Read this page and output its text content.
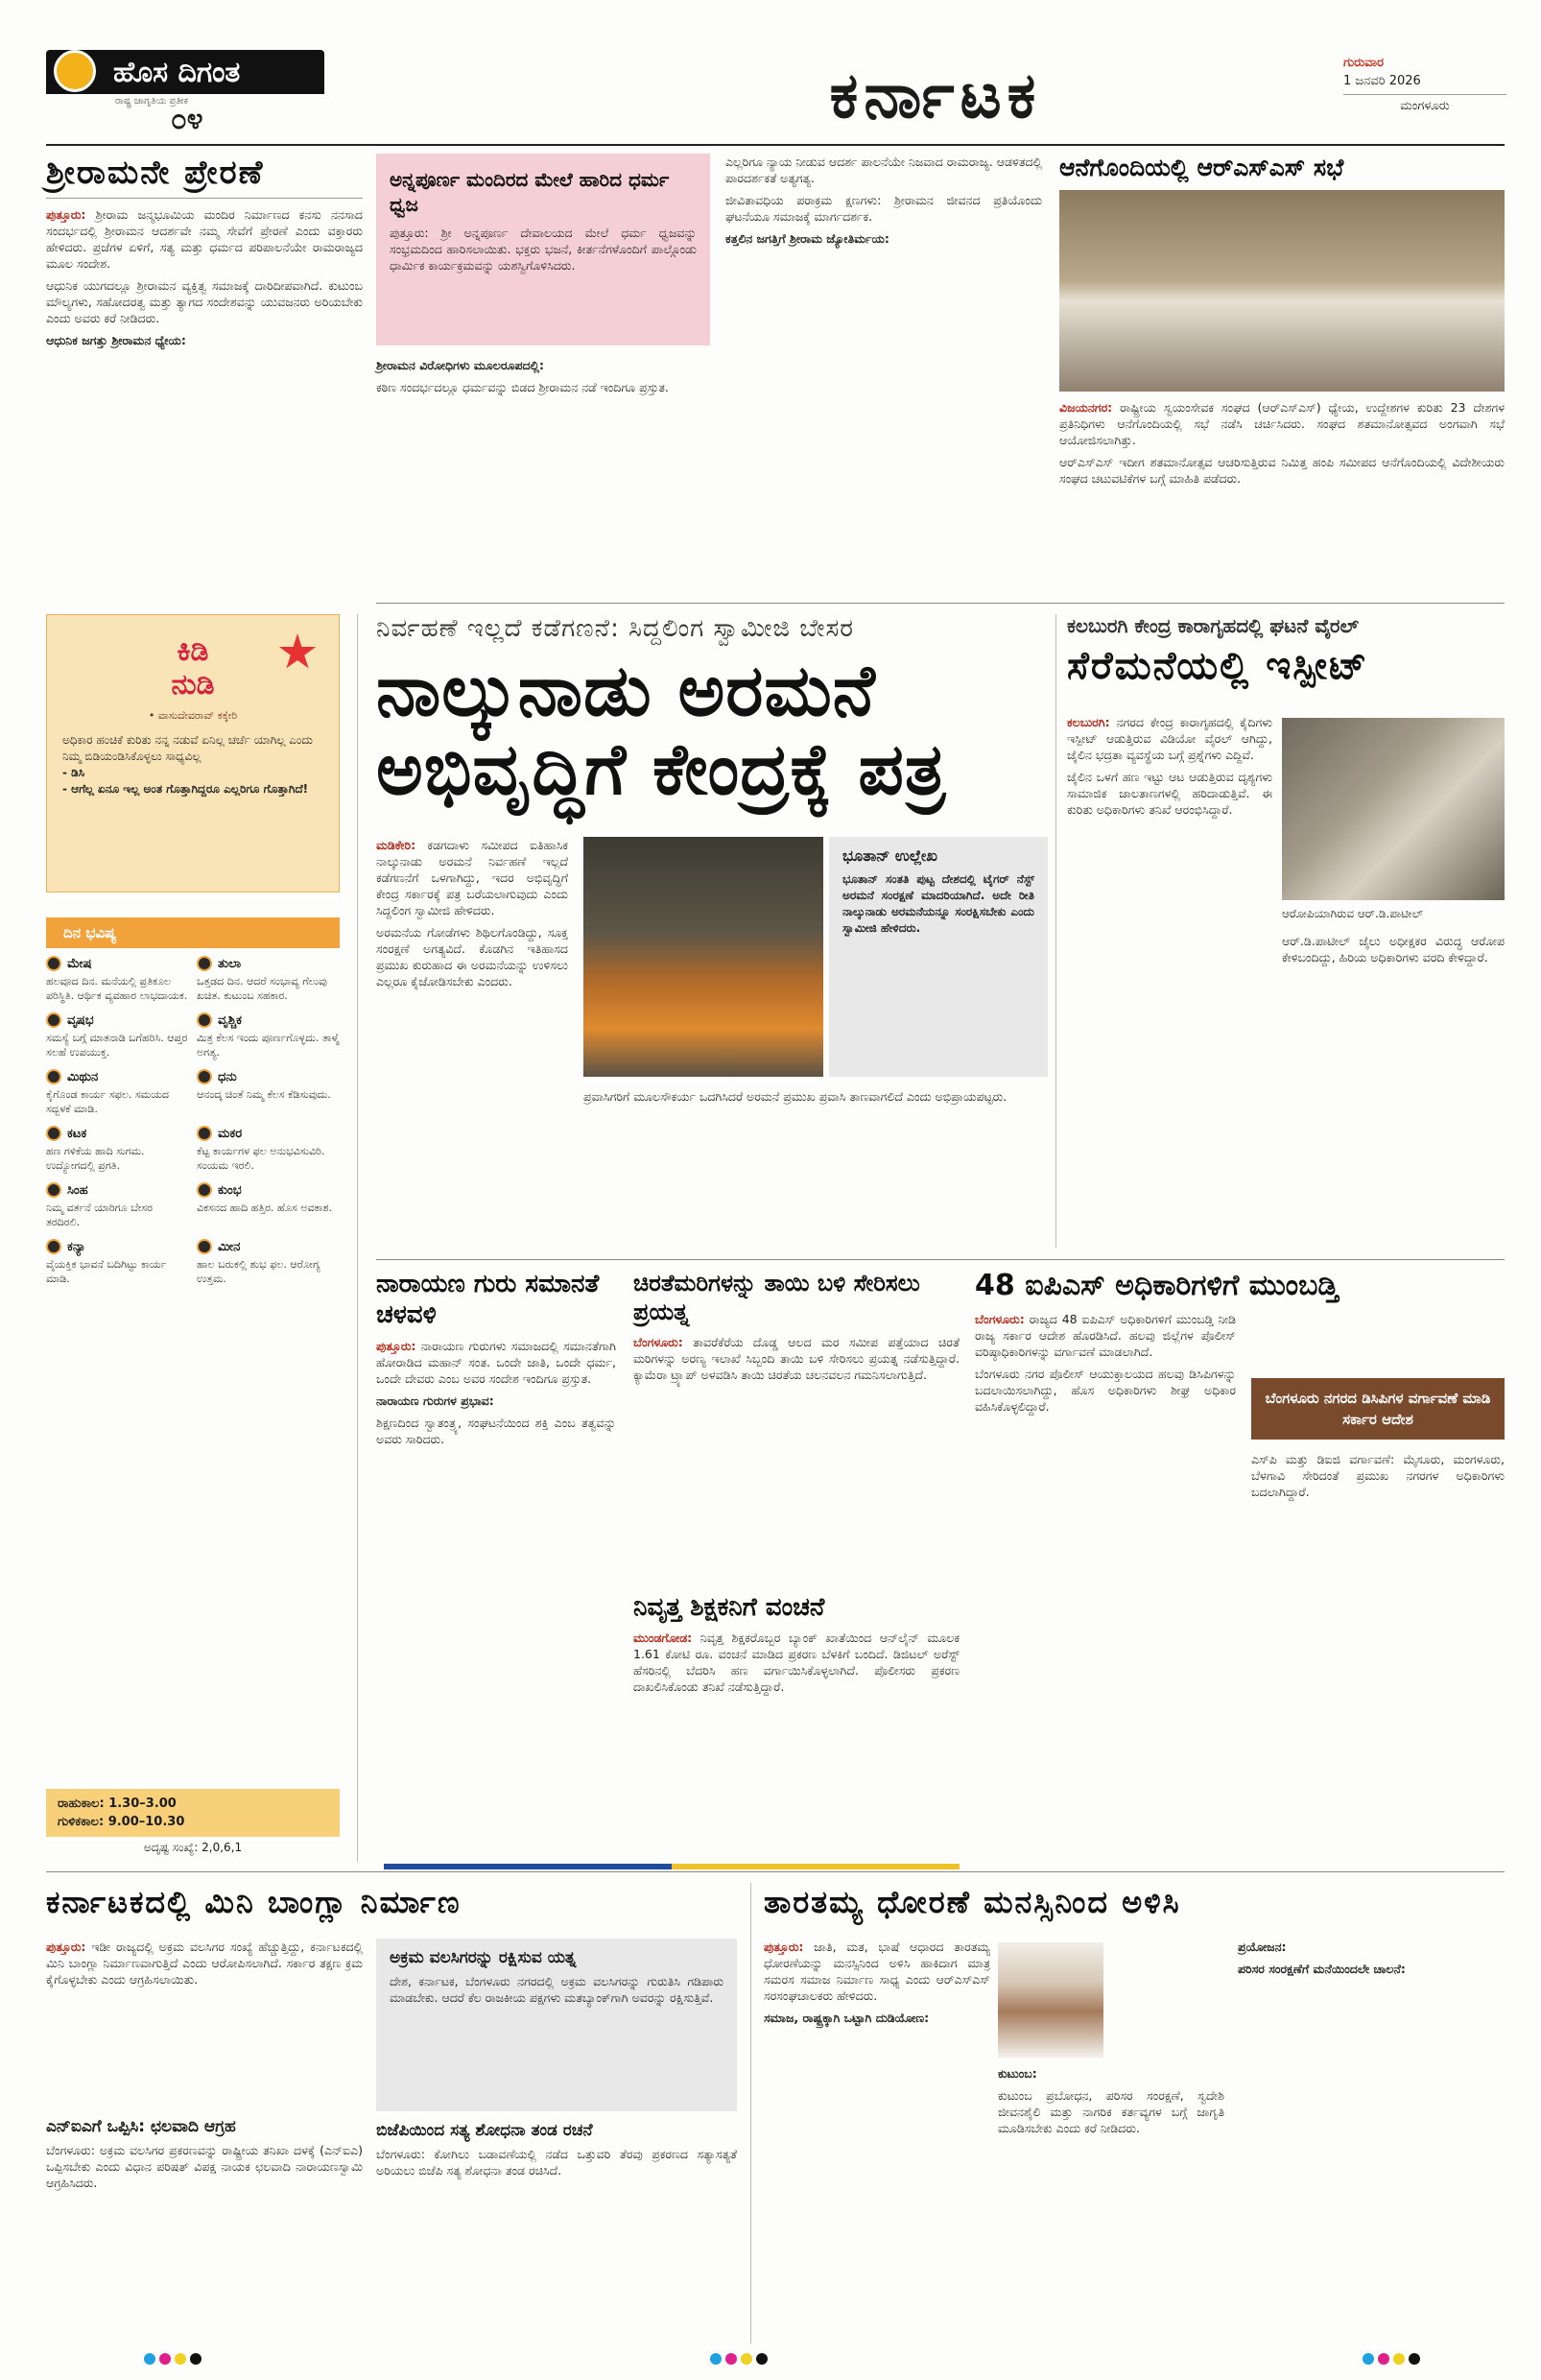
ಹೊಸ ದಿಗಂತ
ರಾಷ್ಟ್ರ ಜಾಗೃತಿಯ ಪ್ರತೀಕ
೦೪	ಕರ್ನಾಟಕ	ಗುರುವಾರ
1 ಜನವರಿ 2026
ಮಂಗಳೂರು
ಶ್ರೀರಾಮನೇ ಪ್ರೇರಣೆ

ಪುತ್ತೂರು: ಶ್ರೀರಾಮ ಜನ್ಮಭೂಮಿಯ ಮಂದಿರ ನಿರ್ಮಾಣದ ಕನಸು ನನಸಾದ ಸಂದರ್ಭದಲ್ಲಿ ಶ್ರೀರಾಮನ ಆದರ್ಶವೇ ನಮ್ಮ ಸೇವೆಗೆ ಪ್ರೇರಣೆ ಎಂದು ವಕ್ತಾರರು ಹೇಳಿದರು. ಪ್ರಜೆಗಳ ಏಳಿಗೆ, ಸತ್ಯ ಮತ್ತು ಧರ್ಮದ ಪರಿಪಾಲನೆಯೇ ರಾಮರಾಜ್ಯದ ಮೂಲ ಸಂದೇಶ.

ಆಧುನಿಕ ಯುಗದಲ್ಲೂ ಶ್ರೀರಾಮನ ವ್ಯಕ್ತಿತ್ವ ಸಮಾಜಕ್ಕೆ ದಾರಿದೀಪವಾಗಿದೆ. ಕುಟುಂಬ ಮೌಲ್ಯಗಳು, ಸಹೋದರತ್ವ ಮತ್ತು ತ್ಯಾಗದ ಸಂದೇಶವನ್ನು ಯುವಜನರು ಅರಿಯಬೇಕು ಎಂದು ಅವರು ಕರೆ ನೀಡಿದರು.

ಆಧುನಿಕ ಜಗತ್ತು ಶ್ರೀರಾಮನ ಧ್ಯೇಯ:

ಅನ್ನಪೂರ್ಣ ಮಂದಿರದ ಮೇಲೆ ಹಾರಿದ ಧರ್ಮ ಧ್ವಜ
ಪುತ್ತೂರು: ಶ್ರೀ ಅನ್ನಪೂರ್ಣ ದೇವಾಲಯದ ಮೇಲೆ ಧರ್ಮ ಧ್ವಜವನ್ನು ಸಂಭ್ರಮದಿಂದ ಹಾರಿಸಲಾಯಿತು. ಭಕ್ತರು ಭಜನೆ, ಕೀರ್ತನೆಗಳೊಂದಿಗೆ ಪಾಲ್ಗೊಂಡು ಧಾರ್ಮಿಕ ಕಾರ್ಯಕ್ರಮವನ್ನು ಯಶಸ್ವಿಗೊಳಿಸಿದರು.

ಶ್ರೀರಾಮನ ವಿರೋಧಿಗಳು ಮೂಲರೂಪದಲ್ಲಿ:

ಕಠಿಣ ಸಂದರ್ಭದಲ್ಲೂ ಧರ್ಮವನ್ನು ಬಿಡದ ಶ್ರೀರಾಮನ ನಡೆ ಇಂದಿಗೂ ಪ್ರಸ್ತುತ.

ಎಲ್ಲರಿಗೂ ನ್ಯಾಯ ನೀಡುವ ಆದರ್ಶ ಪಾಲನೆಯೇ ನಿಜವಾದ ರಾಮರಾಜ್ಯ. ಆಡಳಿತದಲ್ಲಿ ಪಾರದರ್ಶಕತೆ ಅತ್ಯಗತ್ಯ.

ಜೀವಿತಾವಧಿಯ ಪರಾಕ್ರಮ ಕ್ಷಣಗಳು: ಶ್ರೀರಾಮನ ಜೀವನದ ಪ್ರತಿಯೊಂದು ಘಟನೆಯೂ ಸಮಾಜಕ್ಕೆ ಮಾರ್ಗದರ್ಶಕ.

ಕತ್ತಲಿನ ಜಗತ್ತಿಗೆ ಶ್ರೀರಾಮ ಜ್ಯೋತಿರ್ಮಯ:

ಆನೆಗೊಂದಿಯಲ್ಲಿ ಆರ್‌ಎಸ್‌ಎಸ್ ಸಭೆ

ವಿಜಯನಗರ: ರಾಷ್ಟ್ರೀಯ ಸ್ವಯಂಸೇವಕ ಸಂಘದ (ಆರ್‌ಎಸ್‌ಎಸ್) ಧ್ಯೇಯ, ಉದ್ದೇಶಗಳ ಕುರಿತು 23 ದೇಶಗಳ ಪ್ರತಿನಿಧಿಗಳು ಆನೆಗೊಂದಿಯಲ್ಲಿ ಸಭೆ ನಡೆಸಿ ಚರ್ಚಿಸಿದರು. ಸಂಘದ ಶತಮಾನೋತ್ಸವದ ಅಂಗವಾಗಿ ಸಭೆ ಆಯೋಜಿಸಲಾಗಿತ್ತು.

ಆರ್‌ಎಸ್‌ಎಸ್ ಇದೀಗ ಶತಮಾನೋತ್ಸವ ಆಚರಿಸುತ್ತಿರುವ ನಿಮಿತ್ತ ಹಂಪಿ ಸಮೀಪದ ಆನೆಗೊಂದಿಯಲ್ಲಿ ವಿದೇಶೀಯರು ಸಂಘದ ಚಟುವಟಿಕೆಗಳ ಬಗ್ಗೆ ಮಾಹಿತಿ ಪಡೆದರು.

ಕಿಡಿ
ನುಡಿ
• ವಾಸುದೇವರಾವ್ ಕಕ್ಕೇರಿ

ಅಧಿಕಾರ ಹಂಚಿಕೆ ಕುರಿತು ನನ್ನ ನಡುವೆ ಏನಿಲ್ಲ ಚರ್ಚೆ ಯಾಗಿಲ್ಲ ಎಂದು ನಿಮ್ಮ ಬಿಡಿಯಂಡಿಸಿಕೊಳ್ಳಲು ಸಾಧ್ಯವಿಲ್ಲ

- ಡಿಸಿ

- ಆಗೆಲ್ಲ ಏನೂ ಇಲ್ಲ ಅಂತ ಗೊತ್ತಾಗಿದ್ದರೂ ಎಲ್ಲರಿಗೂ ಗೊತ್ತಾಗಿದೆ!

ದಿನ ಭವಿಷ್ಯ
ಮೇಷ
ಹಲವೂದ ದಿನ. ಮನೆಯಲ್ಲಿ ಪ್ರತಿಕೂಲ ಪರಿಸ್ಥಿತಿ. ಆರ್ಥಿಕ ವ್ಯವಹಾರ ಲಾಭದಾಯಕ.
ತುಲಾ
ಒತ್ತಡದ ದಿನ. ಆದರೆ ಸಂಭಾವ್ಯ ಗೆಲುವು ಖಚಿತ. ಕುಟುಂಬ ಸಹಕಾರ.
ವೃಷಭ
ಸಮಸ್ಯೆ ಬಗ್ಗೆ ಮಾತನಾಡಿ ಬಗೆಹರಿಸಿ. ಆಪ್ತರ ಸಲಹೆ ಉಪಯುಕ್ತ.
ವೃಶ್ಚಿಕ
ಮಿತ್ರ ಕೆಲಸ ಇಂದು ಪೂರ್ಣಗೊಳ್ಳದು. ತಾಳ್ಮೆ ಅಗತ್ಯ.
ಮಿಥುನ
ಕೈಗೊಂಡ ಕಾರ್ಯ ಸಫಲ. ಸಮಯದ ಸದ್ಬಳಕೆ ಮಾಡಿ.
ಧನು
ಆನಂದ್ಕ ಚಿಂತೆ ನಿಮ್ಮ ಕೆಲಸ ಕೆಡಿಸುವುದು.
ಕಟಕ
ಹಣ ಗಳಿಕೆಯ ಹಾದಿ ಸುಗಮ. ಉದ್ಯೋಗದಲ್ಲಿ ಪ್ರಗತಿ.
ಮಕರ
ಕೆಟ್ಟ ಕಾರ್ಯಗಳ ಫಲ ಅನುಭವಿಸುವಿರಿ. ಸಂಯಮ ಇರಲಿ.
ಸಿಂಹ
ನಿಮ್ಮ ವರ್ತನೆ ಯಾರಿಗೂ ಬೇಸರ ತರದಿರಲಿ.
ಕುಂಭ
ವಿಕಸನದ ಹಾದಿ ಹತ್ತಿರ. ಹೊಸ ಅವಕಾಶ.
ಕನ್ಯಾ
ವೈಯಕ್ತಿಕ ಭಾವನೆ ಬದಿಗಿಟ್ಟು ಕಾರ್ಯ ಮಾಡಿ.
ಮೀನ
ಹಾಲ ಬರುಕಲ್ಲಿ ಶುಭ ಫಲ. ಆರೋಗ್ಯ ಉತ್ತಮ.
ರಾಹುಕಾಲ: 1.30–3.00
ಗುಳಿಕಕಾಲ: 9.00–10.30
ಅದೃಷ್ಟ ಸಂಖ್ಯೆ: 2,0,6,1
ನಿರ್ವಹಣೆ ಇಲ್ಲದೆ ಕಡೆಗಣನೆ: ಸಿದ್ದಲಿಂಗ ಸ್ವಾಮೀಜಿ ಬೇಸರ
ನಾಲ್ಕುನಾಡು ಅರಮನೆ
ಅಭಿವೃದ್ಧಿಗೆ ಕೇಂದ್ರಕ್ಕೆ ಪತ್ರ

ಮಡಿಕೇರಿ: ಕಡಗದಾಳು ಸಮೀಪದ ಐತಿಹಾಸಿಕ ನಾಲ್ಕುನಾಡು ಅರಮನೆ ನಿರ್ವಹಣೆ ಇಲ್ಲದೆ ಕಡೆಗಣನೆಗೆ ಒಳಗಾಗಿದ್ದು, ಇದರ ಅಭಿವೃದ್ಧಿಗೆ ಕೇಂದ್ರ ಸರ್ಕಾರಕ್ಕೆ ಪತ್ರ ಬರೆಯಲಾಗುವುದು ಎಂದು ಸಿದ್ದಲಿಂಗ ಸ್ವಾಮೀಜಿ ಹೇಳಿದರು.

ಅರಮನೆಯ ಗೋಡೆಗಳು ಶಿಥಿಲಗೊಂಡಿದ್ದು, ಸೂಕ್ತ ಸಂರಕ್ಷಣೆ ಅಗತ್ಯವಿದೆ. ಕೊಡಗಿನ ಇತಿಹಾಸದ ಪ್ರಮುಖ ಕುರುಹಾದ ಈ ಅರಮನೆಯನ್ನು ಉಳಿಸಲು ಎಲ್ಲರೂ ಕೈಜೋಡಿಸಬೇಕು ಎಂದರು.

ಭೂತಾನ್ ಉಲ್ಲೇಖ
ಭೂತಾನ್ ಸಂತತಿ ಪುಟ್ಟ ದೇಶದಲ್ಲಿ ಟೈಗರ್ ನೆಸ್ಟ್ ಅರಮನೆ ಸಂರಕ್ಷಣೆ ಮಾದರಿಯಾಗಿದೆ. ಅದೇ ರೀತಿ ನಾಲ್ಕುನಾಡು ಅರಮನೆಯನ್ನೂ ಸಂರಕ್ಷಿಸಬೇಕು ಎಂದು ಸ್ವಾಮೀಜಿ ಹೇಳಿದರು.

ಪ್ರವಾಸಿಗರಿಗೆ ಮೂಲಸೌಕರ್ಯ ಒದಗಿಸಿದರೆ ಅರಮನೆ ಪ್ರಮುಖ ಪ್ರವಾಸಿ ತಾಣವಾಗಲಿದೆ ಎಂದು ಅಭಿಪ್ರಾಯಪಟ್ಟರು.

ಕಲಬುರಗಿ ಕೇಂದ್ರ ಕಾರಾಗೃಹದಲ್ಲಿ ಘಟನೆ ವೈರಲ್
ಸೆರೆಮನೆಯಲ್ಲಿ ಇಸ್ಪೀಟ್

ಕಲಬುರಗಿ: ನಗರದ ಕೇಂದ್ರ ಕಾರಾಗೃಹದಲ್ಲಿ ಕೈದಿಗಳು ಇಸ್ಪೀಟ್ ಆಡುತ್ತಿರುವ ವಿಡಿಯೋ ವೈರಲ್ ಆಗಿದ್ದು, ಜೈಲಿನ ಭದ್ರತಾ ವ್ಯವಸ್ಥೆಯ ಬಗ್ಗೆ ಪ್ರಶ್ನೆಗಳು ಎದ್ದಿವೆ.

ಜೈಲಿನ ಒಳಗೆ ಹಣ ಇಟ್ಟು ಆಟ ಆಡುತ್ತಿರುವ ದೃಶ್ಯಗಳು ಸಾಮಾಜಿಕ ಜಾಲತಾಣಗಳಲ್ಲಿ ಹರಿದಾಡುತ್ತಿವೆ. ಈ ಕುರಿತು ಅಧಿಕಾರಿಗಳು ತನಿಖೆ ಆರಂಭಿಸಿದ್ದಾರೆ.

ಆರೋಪಿಯಾಗಿರುವ ಆರ್.ಡಿ.ಪಾಟೀಲ್

ಆರ್.ಡಿ.ಪಾಟೀಲ್ ಜೈಲು ಅಧೀಕ್ಷಕರ ವಿರುದ್ಧ ಆರೋಪ ಕೇಳಿಬಂದಿದ್ದು, ಹಿರಿಯ ಅಧಿಕಾರಿಗಳು ವರದಿ ಕೇಳಿದ್ದಾರೆ.

ನಾರಾಯಣ ಗುರು ಸಮಾನತೆ ಚಳವಳಿ

ಪುತ್ತೂರು: ನಾರಾಯಣ ಗುರುಗಳು ಸಮಾಜದಲ್ಲಿ ಸಮಾನತೆಗಾಗಿ ಹೋರಾಡಿದ ಮಹಾನ್ ಸಂತ. ಒಂದೇ ಜಾತಿ, ಒಂದೇ ಧರ್ಮ, ಒಂದೇ ದೇವರು ಎಂಬ ಅವರ ಸಂದೇಶ ಇಂದಿಗೂ ಪ್ರಸ್ತುತ.

ನಾರಾಯಣ ಗುರುಗಳ ಪ್ರಭಾವ:

ಶಿಕ್ಷಣದಿಂದ ಸ್ವಾತಂತ್ರ್ಯ, ಸಂಘಟನೆಯಿಂದ ಶಕ್ತಿ ಎಂಬ ತತ್ವವನ್ನು ಅವರು ಸಾರಿದರು.

ಚಿರತೆಮರಿಗಳನ್ನು ತಾಯಿ ಬಳಿ ಸೇರಿಸಲು ಪ್ರಯತ್ನ

ಬೆಂಗಳೂರು: ತಾವರೆಕೆರೆಯ ದೊಡ್ಡ ಆಲದ ಮರ ಸಮೀಪ ಪತ್ತೆಯಾದ ಚಿರತೆ ಮರಿಗಳನ್ನು ಅರಣ್ಯ ಇಲಾಖೆ ಸಿಬ್ಬಂದಿ ತಾಯಿ ಬಳಿ ಸೇರಿಸಲು ಪ್ರಯತ್ನ ನಡೆಸುತ್ತಿದ್ದಾರೆ. ಕ್ಯಾಮೆರಾ ಟ್ರ್ಯಾಪ್ ಅಳವಡಿಸಿ ತಾಯಿ ಚಿರತೆಯ ಚಲನವಲನ ಗಮನಿಸಲಾಗುತ್ತಿದೆ.

ನಿವೃತ್ತ ಶಿಕ್ಷಕನಿಗೆ ವಂಚನೆ

ಮುಂಡಗೋಡ: ನಿವೃತ್ತ ಶಿಕ್ಷಕರೊಬ್ಬರ ಬ್ಯಾಂಕ್ ಖಾತೆಯಿಂದ ಆನ್‌ಲೈನ್ ಮೂಲಕ 1.61 ಕೋಟಿ ರೂ. ವಂಚನೆ ಮಾಡಿದ ಪ್ರಕರಣ ಬೆಳಕಿಗೆ ಬಂದಿದೆ. ಡಿಜಿಟಲ್ ಅರೆಸ್ಟ್ ಹೆಸರಿನಲ್ಲಿ ಬೆದರಿಸಿ ಹಣ ವರ್ಗಾಯಿಸಿಕೊಳ್ಳಲಾಗಿದೆ. ಪೊಲೀಸರು ಪ್ರಕರಣ ದಾಖಲಿಸಿಕೊಂಡು ತನಿಖೆ ನಡೆಸುತ್ತಿದ್ದಾರೆ.

48 ಐಪಿಎಸ್ ಅಧಿಕಾರಿಗಳಿಗೆ ಮುಂಬಡ್ತಿ

ಬೆಂಗಳೂರು: ರಾಜ್ಯದ 48 ಐಪಿಎಸ್ ಅಧಿಕಾರಿಗಳಿಗೆ ಮುಂಬಡ್ತಿ ನೀಡಿ ರಾಜ್ಯ ಸರ್ಕಾರ ಆದೇಶ ಹೊರಡಿಸಿದೆ. ಹಲವು ಜಿಲ್ಲೆಗಳ ಪೊಲೀಸ್ ವರಿಷ್ಠಾಧಿಕಾರಿಗಳನ್ನು ವರ್ಗಾವಣೆ ಮಾಡಲಾಗಿದೆ.

ಬೆಂಗಳೂರು ನಗರ ಪೊಲೀಸ್ ಆಯುಕ್ತಾಲಯದ ಹಲವು ಡಿಸಿಪಿಗಳನ್ನು ಬದಲಾಯಿಸಲಾಗಿದ್ದು, ಹೊಸ ಅಧಿಕಾರಿಗಳು ಶೀಘ್ರ ಅಧಿಕಾರ ವಹಿಸಿಕೊಳ್ಳಲಿದ್ದಾರೆ.	ಬೆಂಗಳೂರು ನಗರದ ಡಿಸಿಪಿಗಳ ವರ್ಗಾವಣೆ ಮಾಡಿ ಸರ್ಕಾರ ಆದೇಶ
ಎಸ್‌ಪಿ ಮತ್ತು ಡಿಐಜಿ ವರ್ಗಾವಣೆ: ಮೈಸೂರು, ಮಂಗಳೂರು, ಬೆಳಗಾವಿ ಸೇರಿದಂತೆ ಪ್ರಮುಖ ನಗರಗಳ ಅಧಿಕಾರಿಗಳು ಬದಲಾಗಿದ್ದಾರೆ.
ಕರ್ನಾಟಕದಲ್ಲಿ ಮಿನಿ ಬಾಂಗ್ಲಾ ನಿರ್ಮಾಣ

ಪುತ್ತೂರು: ಇಡೀ ರಾಜ್ಯದಲ್ಲಿ ಅಕ್ರಮ ವಲಸಿಗರ ಸಂಖ್ಯೆ ಹೆಚ್ಚುತ್ತಿದ್ದು, ಕರ್ನಾಟಕದಲ್ಲಿ ಮಿನಿ ಬಾಂಗ್ಲಾ ನಿರ್ಮಾಣವಾಗುತ್ತಿದೆ ಎಂದು ಆರೋಪಿಸಲಾಗಿದೆ. ಸರ್ಕಾರ ತಕ್ಷಣ ಕ್ರಮ ಕೈಗೊಳ್ಳಬೇಕು ಎಂದು ಆಗ್ರಹಿಸಲಾಯಿತು.

ಅಕ್ರಮ ವಲಸಿಗರನ್ನು ರಕ್ಷಿಸುವ ಯತ್ನ
ದೇಶ, ಕರ್ನಾಟಕ, ಬೆಂಗಳೂರು ನಗರದಲ್ಲಿ ಅಕ್ರಮ ವಲಸಿಗರನ್ನು ಗುರುತಿಸಿ ಗಡಿಪಾರು ಮಾಡಬೇಕು. ಆದರೆ ಕೆಲ ರಾಜಕೀಯ ಪಕ್ಷಗಳು ಮತಬ್ಯಾಂಕ್‌ಗಾಗಿ ಅವರನ್ನು ರಕ್ಷಿಸುತ್ತಿವೆ.
ಎನ್‌ಐಎಗೆ ಒಪ್ಪಿಸಿ: ಛಲವಾದಿ ಆಗ್ರಹ
ಬೆಂಗಳೂರು: ಅಕ್ರಮ ವಲಸಿಗರ ಪ್ರಕರಣವನ್ನು ರಾಷ್ಟ್ರೀಯ ತನಿಖಾ ದಳಕ್ಕೆ (ಎನ್‌ಐಎ) ಒಪ್ಪಿಸಬೇಕು ಎಂದು ವಿಧಾನ ಪರಿಷತ್ ವಿಪಕ್ಷ ನಾಯಕ ಛಲವಾದಿ ನಾರಾಯಣಸ್ವಾಮಿ ಆಗ್ರಹಿಸಿದರು.
ಬಿಜೆಪಿಯಿಂದ ಸತ್ಯ ಶೋಧನಾ ತಂಡ ರಚನೆ
ಬೆಂಗಳೂರು: ಕೋಗಿಲು ಬಡಾವಣೆಯಲ್ಲಿ ನಡೆದ ಒತ್ತುವರಿ ತೆರವು ಪ್ರಕರಣದ ಸತ್ಯಾಸತ್ಯತೆ ಅರಿಯಲು ಬಿಜೆಪಿ ಸತ್ಯ ಶೋಧನಾ ತಂಡ ರಚಿಸಿದೆ.
ತಾರತಮ್ಯ ಧೋರಣೆ ಮನಸ್ಸಿನಿಂದ ಅಳಿಸಿ

ಪುತ್ತೂರು: ಜಾತಿ, ಮತ, ಭಾಷೆ ಆಧಾರದ ತಾರತಮ್ಯ ಧೋರಣೆಯನ್ನು ಮನಸ್ಸಿನಿಂದ ಅಳಿಸಿ ಹಾಕಿದಾಗ ಮಾತ್ರ ಸಮರಸ ಸಮಾಜ ನಿರ್ಮಾಣ ಸಾಧ್ಯ ಎಂದು ಆರ್‌ಎಸ್‌ಎಸ್ ಸರಸಂಘಚಾಲಕರು ಹೇಳಿದರು.

ಸಮಾಜ, ರಾಷ್ಟ್ರಕ್ಕಾಗಿ ಒಟ್ಟಾಗಿ ದುಡಿಯೋಣ:

ಕುಟುಂಬ:

ಕುಟುಂಬ ಪ್ರಬೋಧನ, ಪರಿಸರ ಸಂರಕ್ಷಣೆ, ಸ್ವದೇಶಿ ಜೀವನಶೈಲಿ ಮತ್ತು ನಾಗರಿಕ ಕರ್ತವ್ಯಗಳ ಬಗ್ಗೆ ಜಾಗೃತಿ ಮೂಡಿಸಬೇಕು ಎಂದು ಕರೆ ನೀಡಿದರು.

ಪ್ರಯೋಜನ:

ಪರಿಸರ ಸಂರಕ್ಷಣೆಗೆ ಮನೆಯಿಂದಲೇ ಚಾಲನೆ:
